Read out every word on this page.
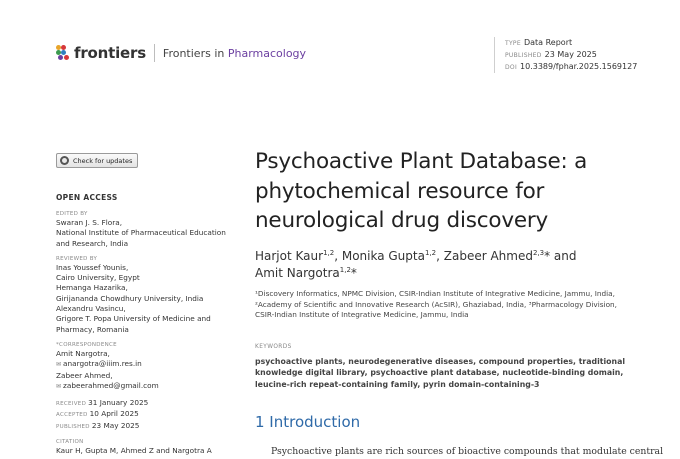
frontiers Frontiers in Pharmacology
TYPE Data Report
PUBLISHED 23 May 2025
DOI 10.3389/fphar.2025.1569127
Check for updates
OPEN ACCESS
EDITED BY
Swaran J. S. Flora,
National Institute of Pharmaceutical Education
and Research, India
REVIEWED BY
Inas Youssef Younis,
Cairo University, Egypt
Hemanga Hazarika,
Girijananda Chowdhury University, India
Alexandru Vasincu,
Grigore T. Popa University of Medicine and
Pharmacy, Romania
*CORRESPONDENCE
Amit Nargotra,
✉ anargotra@iiim.res.in
Zabeer Ahmed,
✉ zabeerahmed@gmail.com
RECEIVED 31 January 2025
ACCEPTED 10 April 2025
PUBLISHED 23 May 2025
CITATION
Kaur H, Gupta M, Ahmed Z and Nargotra A
Psychoactive Plant Database: a phytochemical resource for neurological drug discovery
Harjot Kaur$^{1,2}$, Monika Gupta$^{1,2}$, Zabeer Ahmed$^{2,3}$* and
Amit Nargotra$^{1,2}$*
¹Discovery Informatics, NPMC Division, CSIR-Indian Institute of Integrative Medicine, Jammu, India, ²Academy of Scientific and Innovative Research (AcSIR), Ghaziabad, India, ³Pharmacology Division, CSIR-Indian Institute of Integrative Medicine, Jammu, India
KEYWORDS
psychoactive plants, neurodegenerative diseases, compound properties, traditional knowledge digital library, psychoactive plant database, nucleotide-binding domain, leucine-rich repeat-containing family, pyrin domain-containing-3
1 Introduction
Psychoactive plants are rich sources of bioactive compounds that modulate central
